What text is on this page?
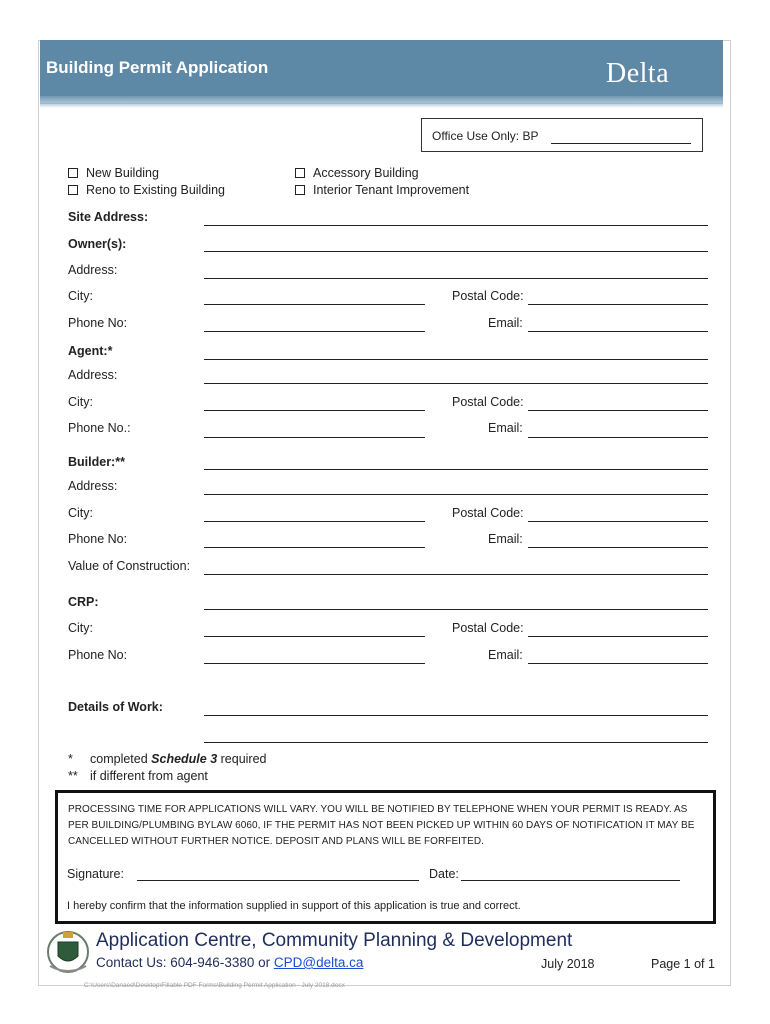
Building Permit Application	Delta
Office Use Only: BP
New Building
Reno to Existing Building
Accessory Building
Interior Tenant Improvement
Site Address:
Owner(s):
Address:
City:	Postal Code:
Phone No:	Email:
Agent:*
Address:
City:	Postal Code:
Phone No.:	Email:
Builder:**
Address:
City:	Postal Code:
Phone No:	Email:
Value of Construction:
CRP:
City:	Postal Code:
Phone No:	Email:
Details of Work:
* completed Schedule 3 required
** if different from agent
PROCESSING TIME FOR APPLICATIONS WILL VARY. YOU WILL BE NOTIFIED BY TELEPHONE WHEN YOUR PERMIT IS READY. AS PER BUILDING/PLUMBING BYLAW 6060, IF THE PERMIT HAS NOT BEEN PICKED UP WITHIN 60 DAYS OF NOTIFICATION IT MAY BE CANCELLED WITHOUT FURTHER NOTICE. DEPOSIT AND PLANS WILL BE FORFEITED.
Signature:	Date:
I hereby confirm that the information supplied in support of this application is true and correct.
Application Centre, Community Planning & Development
Contact Us: 604-946-3380 or CPD@delta.ca	July 2018	Page 1 of 1
C:\Users\Danaed\Desktop\Fillable PDF Forms\Building Permit Application - July 2018.docx
